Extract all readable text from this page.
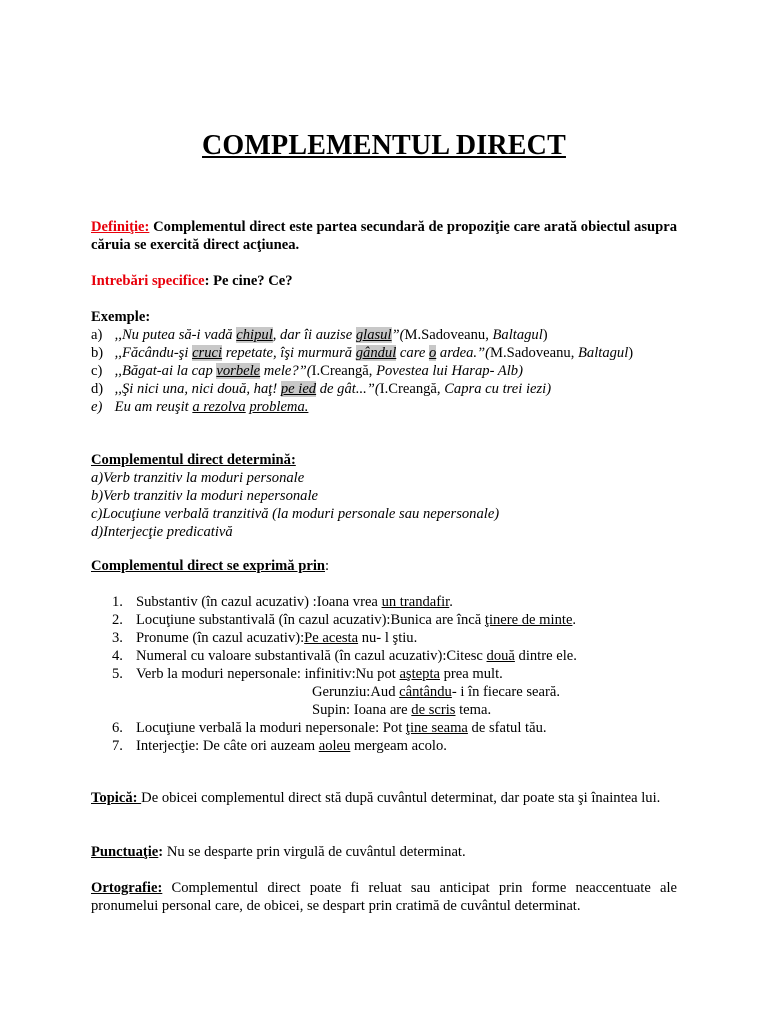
COMPLEMENTUL DIRECT
Definiţie: Complementul direct este partea secundară de propoziţie care arată obiectul asupra căruia se exercită direct acţiunea.
Intrebări specifice: Pe cine? Ce?
Exemple:
a) ,,Nu putea să-i vadă chipul, dar îi auzise glasul”(M.Sadoveanu, Baltagul)
b) ,,Făcându-şi cruci repetate, îşi murmură gândul care o ardea.”(M.Sadoveanu, Baltagul)
c) ,,Băgat-ai la cap vorbele mele?”(I.Creangă, Povestea lui Harap- Alb)
d) ,,Şi nici una, nici două, haţ! pe ied de gât...”(I.Creangă, Capra cu trei iezi)
e) Eu am reuşit a rezolva problema.
Complementul direct determină:
a)Verb tranzitiv la moduri personale
b)Verb tranzitiv la moduri nepersonale
c)Locuţiune verbală tranzitivă (la moduri personale sau nepersonale)
d)Interjecţie predicativă
Complementul direct se exprimă prin:
1. Substantiv (în cazul acuzativ) :Ioana vrea un trandafir.
2. Locuţiune substantivală (în cazul acuzativ):Bunica are încă ţinere de minte.
3. Pronume (în cazul acuzativ):Pe acesta nu- l ştiu.
4. Numeral cu valoare substantivală (în cazul acuzativ):Citesc două dintre ele.
5. Verb la moduri nepersonale: infinitiv:Nu pot aştepta prea mult.
Gerunziu:Aud cântându- i în fiecare seară.
Supin: Ioana are de scris tema.
6. Locuţiune verbală la moduri nepersonale: Pot ţine seama de sfatul tău.
7. Interjecţie: De câte ori auzeam aoleu mergeam acolo.
Topică: De obicei complementul direct stă după cuvântul determinat, dar poate sta şi înaintea lui.
Punctuaţie: Nu se desparte prin virgulă de cuvântul determinat.
Ortografie: Complementul direct poate fi reluat sau anticipat prin forme neaccentuate ale pronumelui personal care, de obicei, se despart prin cratimă de cuvântul determinat.
